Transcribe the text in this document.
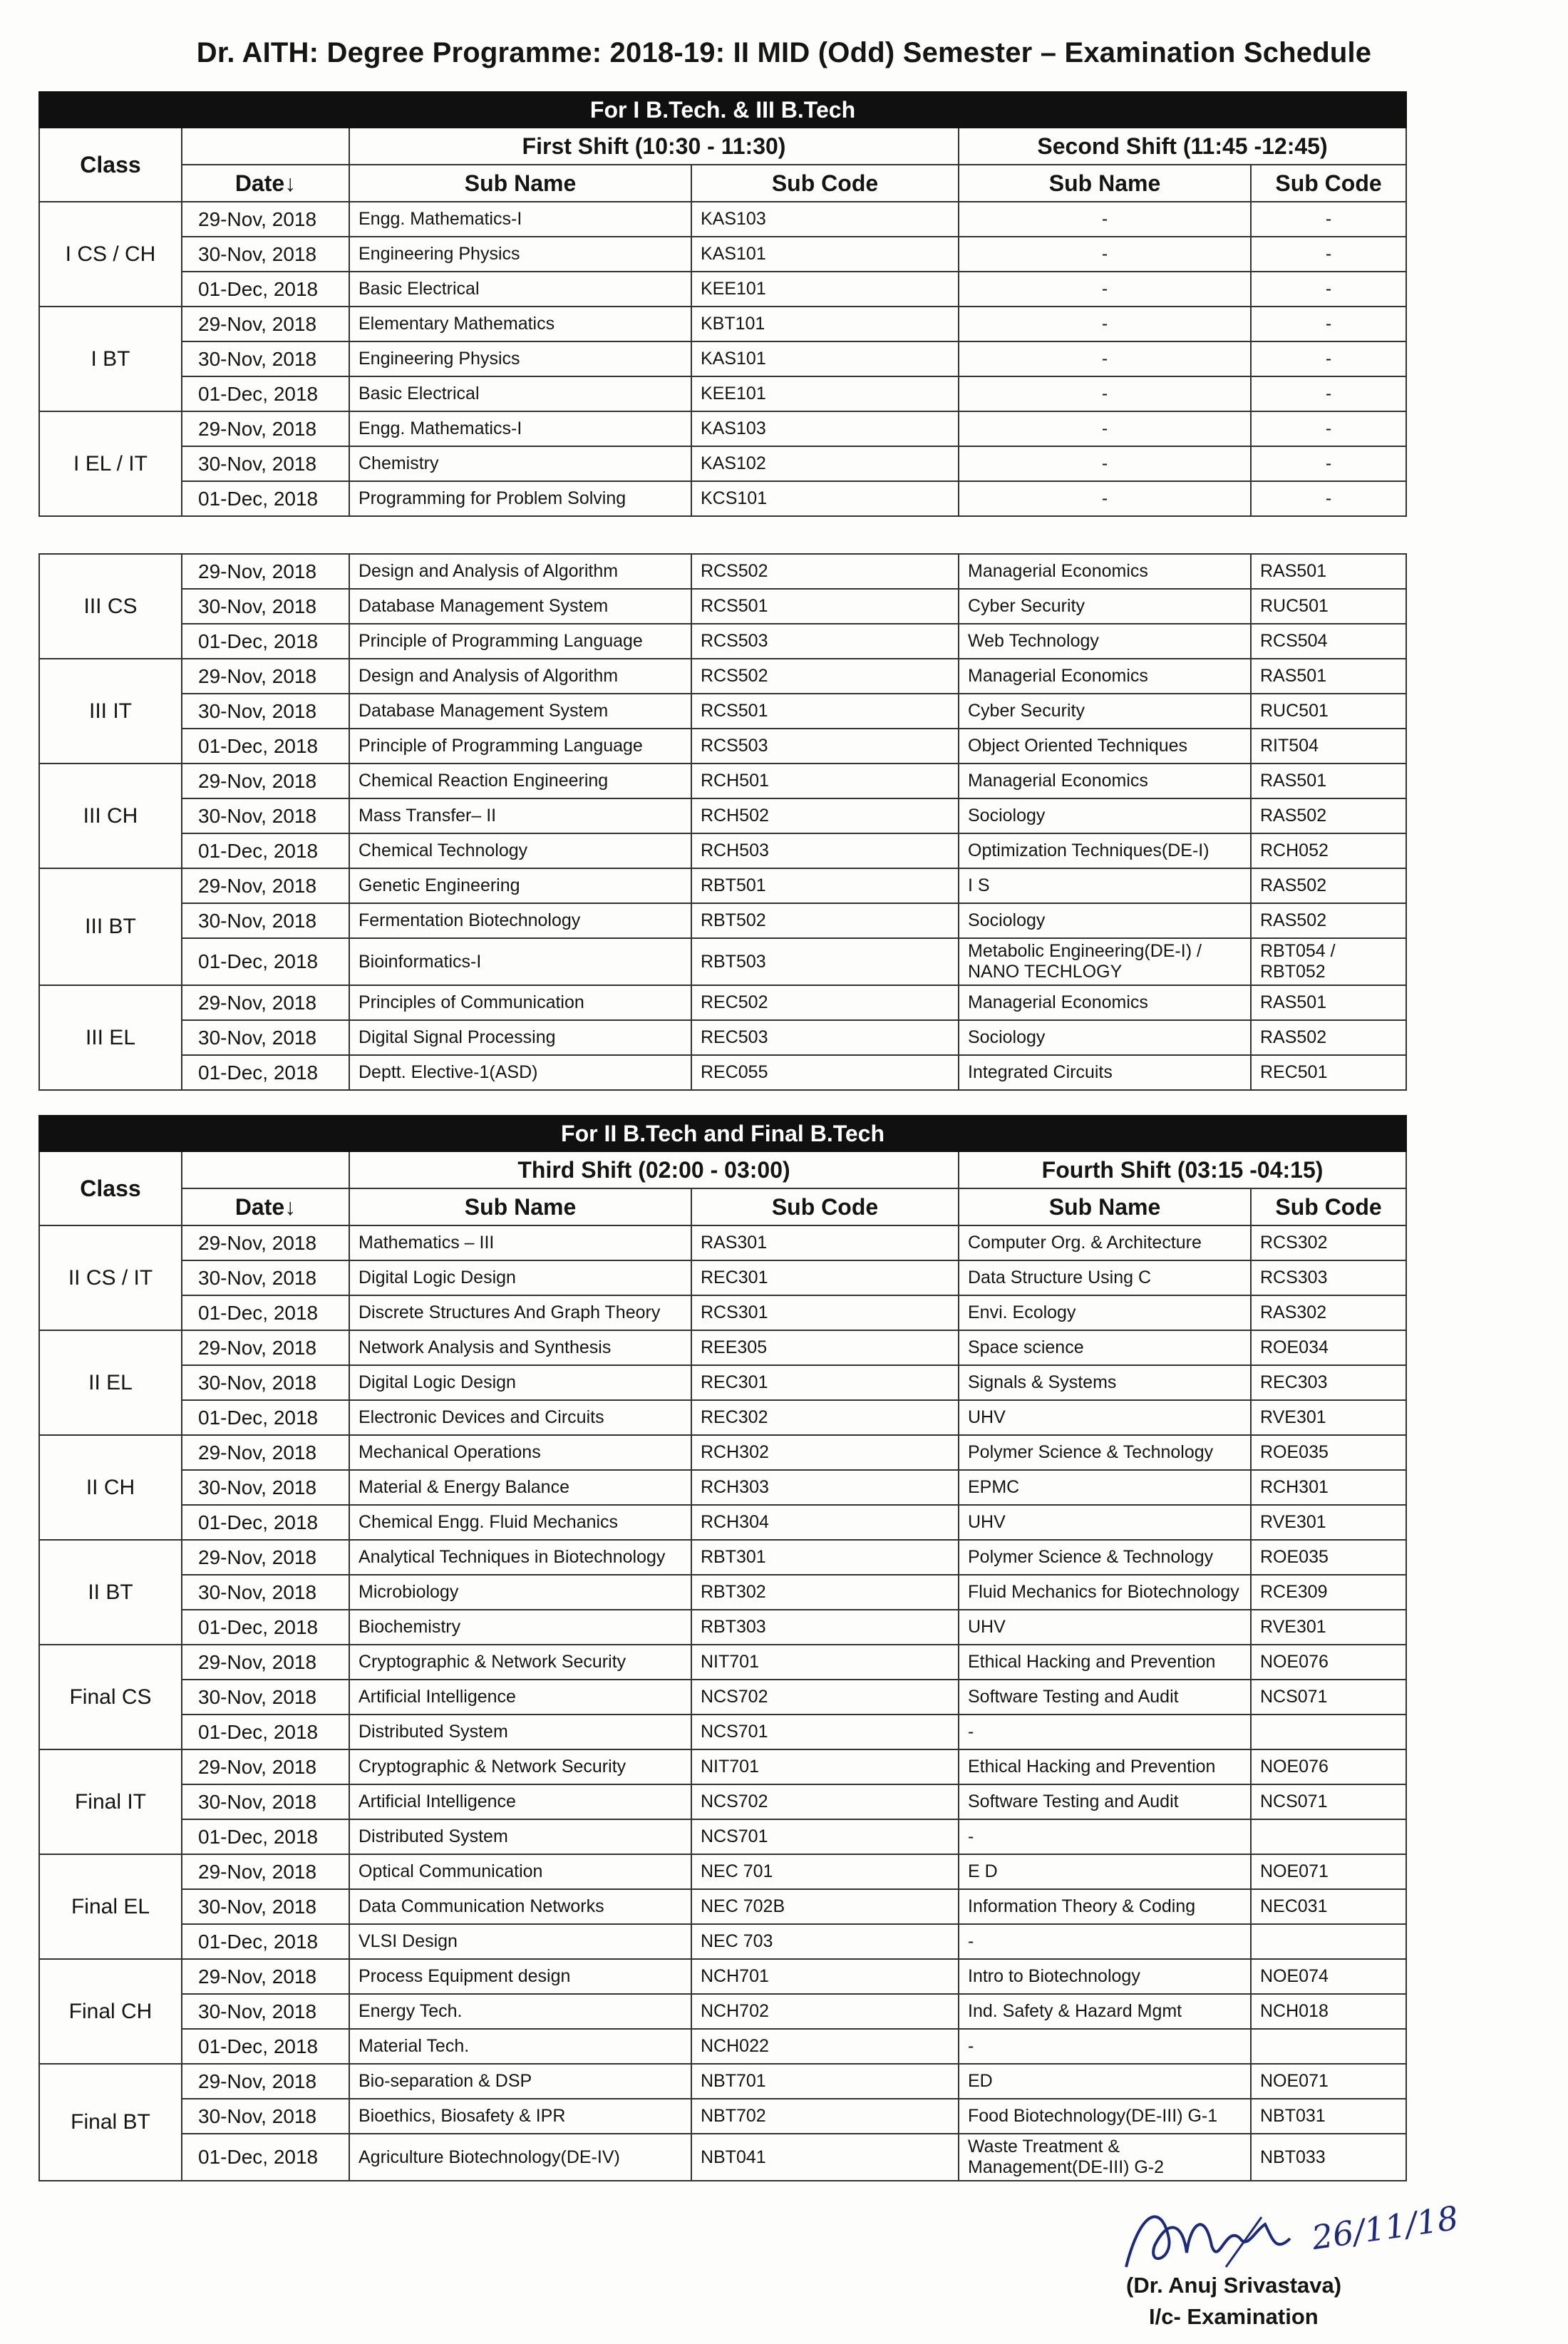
Dr. AITH: Degree Programme: 2018-19: II MID (Odd) Semester – Examination Schedule
For I B.Tech. & III B.Tech					
Class		First Shift (10:30 - 11:30)		Second Shift (11:45 -12:45)	
	Date↓	Sub Name	Sub Code	Sub Name	Sub Code
I CS / CH	29-Nov, 2018	Engg. Mathematics-I	KAS103	-	-
	30-Nov, 2018	Engineering Physics	KAS101	-	-
	01-Dec, 2018	Basic Electrical	KEE101	-	-
I BT	29-Nov, 2018	Elementary Mathematics	KBT101	-	-
	30-Nov, 2018	Engineering Physics	KAS101	-	-
	01-Dec, 2018	Basic Electrical	KEE101	-	-
I EL / IT	29-Nov, 2018	Engg. Mathematics-I	KAS103	-	-
	30-Nov, 2018	Chemistry	KAS102	-	-
	01-Dec, 2018	Programming for Problem Solving	KCS101	-	-
III CS	29-Nov, 2018	Design and Analysis of Algorithm	RCS502	Managerial Economics	RAS501
	30-Nov, 2018	Database Management System	RCS501	Cyber Security	RUC501
	01-Dec, 2018	Principle of Programming Language	RCS503	Web Technology	RCS504
III IT	29-Nov, 2018	Design and Analysis of Algorithm	RCS502	Managerial Economics	RAS501
	30-Nov, 2018	Database Management System	RCS501	Cyber Security	RUC501
	01-Dec, 2018	Principle of Programming Language	RCS503	Object Oriented Techniques	RIT504
III CH	29-Nov, 2018	Chemical Reaction Engineering	RCH501	Managerial Economics	RAS501
	30-Nov, 2018	Mass Transfer– II	RCH502	Sociology	RAS502
	01-Dec, 2018	Chemical Technology	RCH503	Optimization Techniques(DE-I)	RCH052
III BT	29-Nov, 2018	Genetic Engineering	RBT501	I S	RAS502
	30-Nov, 2018	Fermentation Biotechnology	RBT502	Sociology	RAS502
	01-Dec, 2018	Bioinformatics-I	RBT503	Metabolic Engineering(DE-I) / NANO TECHLOGY	RBT054 / RBT052
III EL	29-Nov, 2018	Principles of Communication	REC502	Managerial Economics	RAS501
	30-Nov, 2018	Digital Signal Processing	REC503	Sociology	RAS502
	01-Dec, 2018	Deptt. Elective-1(ASD)	REC055	Integrated Circuits	REC501
For II B.Tech and Final B.Tech					
Class		Third Shift (02:00 - 03:00)		Fourth Shift (03:15 -04:15)	
	Date↓	Sub Name	Sub Code	Sub Name	Sub Code
II CS / IT	29-Nov, 2018	Mathematics – III	RAS301	Computer Org. & Architecture	RCS302
	30-Nov, 2018	Digital Logic Design	REC301	Data Structure Using C	RCS303
	01-Dec, 2018	Discrete Structures And Graph Theory	RCS301	Envi. Ecology	RAS302
II EL	29-Nov, 2018	Network Analysis and Synthesis	REE305	Space science	ROE034
	30-Nov, 2018	Digital Logic Design	REC301	Signals & Systems	REC303
	01-Dec, 2018	Electronic Devices and Circuits	REC302	UHV	RVE301
II CH	29-Nov, 2018	Mechanical Operations	RCH302	Polymer Science & Technology	ROE035
	30-Nov, 2018	Material & Energy Balance	RCH303	EPMC	RCH301
	01-Dec, 2018	Chemical Engg. Fluid Mechanics	RCH304	UHV	RVE301
II BT	29-Nov, 2018	Analytical Techniques in Biotechnology	RBT301	Polymer Science & Technology	ROE035
	30-Nov, 2018	Microbiology	RBT302	Fluid Mechanics for Biotechnology	RCE309
	01-Dec, 2018	Biochemistry	RBT303	UHV	RVE301
Final CS	29-Nov, 2018	Cryptographic & Network Security	NIT701	Ethical Hacking and Prevention	NOE076
	30-Nov, 2018	Artificial Intelligence	NCS702	Software Testing and Audit	NCS071
	01-Dec, 2018	Distributed System	NCS701	-	
Final IT	29-Nov, 2018	Cryptographic & Network Security	NIT701	Ethical Hacking and Prevention	NOE076
	30-Nov, 2018	Artificial Intelligence	NCS702	Software Testing and Audit	NCS071
	01-Dec, 2018	Distributed System	NCS701	-	
Final EL	29-Nov, 2018	Optical Communication	NEC 701	E D	NOE071
	30-Nov, 2018	Data Communication Networks	NEC 702B	Information Theory & Coding	NEC031
	01-Dec, 2018	VLSI Design	NEC 703	-	
Final CH	29-Nov, 2018	Process Equipment design	NCH701	Intro to Biotechnology	NOE074
	30-Nov, 2018	Energy Tech.	NCH702	Ind. Safety & Hazard Mgmt	NCH018
	01-Dec, 2018	Material Tech.	NCH022	-	
Final BT	29-Nov, 2018	Bio-separation & DSP	NBT701	ED	NOE071
	30-Nov, 2018	Bioethics, Biosafety & IPR	NBT702	Food Biotechnology(DE-III) G-1	NBT031
	01-Dec, 2018	Agriculture Biotechnology(DE-IV)	NBT041	Waste Treatment & Management(DE-III) G-2	NBT033
26/11/18
(Dr. Anuj Srivastava)
I/c- Examination
